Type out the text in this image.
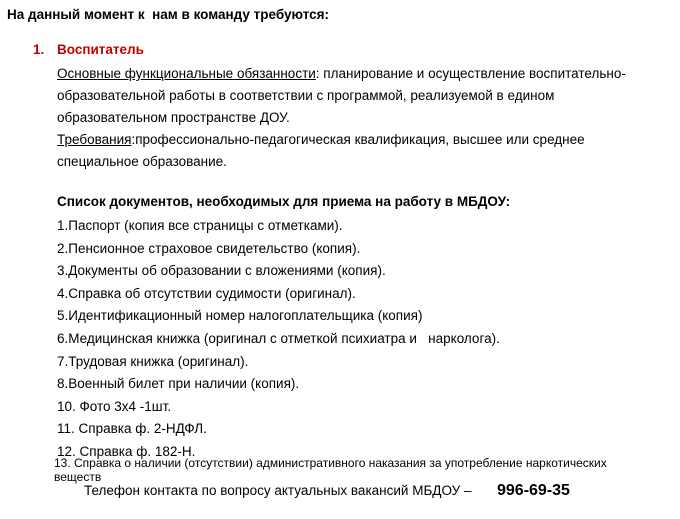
На данный момент к  нам в команду требуются:
1. Воспитатель
Основные функциональные обязанности: планирование и осуществление воспитательно-образовательной работы в соответствии с программой, реализуемой в едином образовательном пространстве ДОУ.
Требования:профессионально-педагогическая квалификация, высшее или среднее специальное образование.
Список документов, необходимых для приема на работу в МБДОУ:
1.Паспорт (копия все страницы с отметками).
2.Пенсионное страховое свидетельство (копия).
3.Документы об образовании с вложениями (копия).
4.Справка об отсутствии судимости (оригинал).
5.Идентификационный номер налогоплательщика (копия)
6.Медицинская книжка (оригинал с отметкой психиатра и   нарколога).
7.Трудовая книжка (оригинал).
8.Военный билет при наличии (копия).
10. Фото 3х4 -1шт.
11. Справка ф. 2-НДФЛ.
12. Справка ф. 182-Н.
13. Справка о наличии (отсутствии) административного наказания за употребление наркотических веществ
Телефон контакта по вопросу актуальных вакансий МБДОУ – 996-69-35
